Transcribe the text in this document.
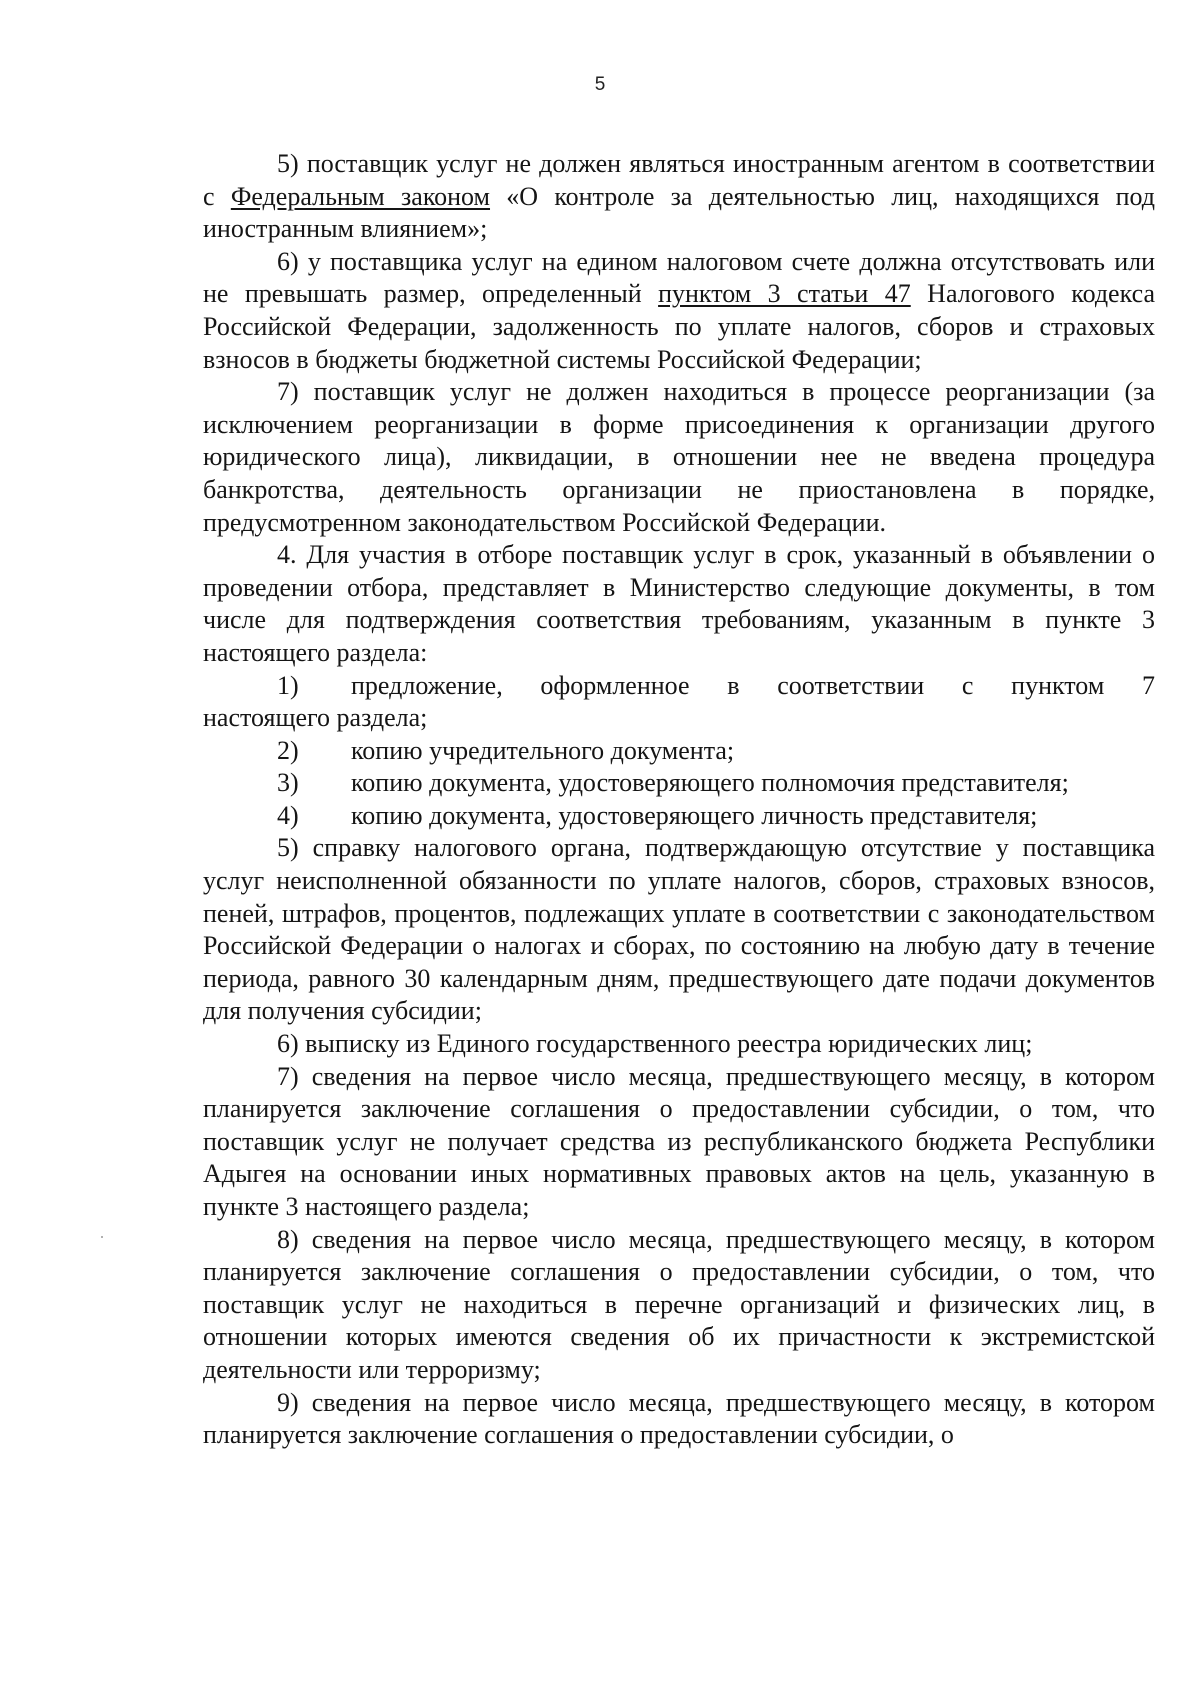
5

5) поставщик услуг не должен являться иностранным агентом в соответствии с Федеральным законом «О контроле за деятельностью лиц, находящихся под иностранным влиянием»;

6) у поставщика услуг на едином налоговом счете должна отсутствовать или не превышать размер, определенный пунктом 3 статьи 47 Налогового кодекса Российской Федерации, задолженность по уплате налогов, сборов и страховых взносов в бюджеты бюджетной системы Российской Федерации;

7) поставщик услуг не должен находиться в процессе реорганизации (за исключением реорганизации в форме присоединения к организации другого юридического лица), ликвидации, в отношении нее не введена процедура банкротства, деятельность организации не приостановлена в порядке, предусмотренном законодательством Российской Федерации.

4. Для участия в отборе поставщик услуг в срок, указанный в объявлении о проведении отбора, представляет в Министерство следующие документы, в том числе для подтверждения соответствия требованиям, указанным в пункте 3 настоящего раздела:

1)	предложение, оформленное в соответствии с пунктом 7

настоящего раздела;

2)	копию учредительного документа;
3)	копию документа, удостоверяющего полномочия представителя;
4)	копию документа, удостоверяющего личность представителя;

5) справку налогового органа, подтверждающую отсутствие у поставщика услуг неисполненной обязанности по уплате налогов, сборов, страховых взносов, пеней, штрафов, процентов, подлежащих уплате в соответствии с законодательством Российской Федерации о налогах и сборах, по состоянию на любую дату в течение периода, равного 30 календарным дням, предшествующего дате подачи документов для получения субсидии;

6) выписку из Единого государственного реестра юридических лиц;

7) сведения на первое число месяца, предшествующего месяцу, в котором планируется заключение соглашения о предоставлении субсидии, о том, что поставщик услуг не получает средства из республиканского бюджета Республики Адыгея на основании иных нормативных правовых актов на цель, указанную в пункте 3 настоящего раздела;

8) сведения на первое число месяца, предшествующего месяцу, в котором планируется заключение соглашения о предоставлении субсидии, о том, что поставщик услуг не находиться в перечне организаций и физических лиц, в отношении которых имеются сведения об их причастности к экстремистской деятельности или терроризму;

9) сведения на первое число месяца, предшествующего месяцу, в котором планируется заключение соглашения о предоставлении субсидии, о
